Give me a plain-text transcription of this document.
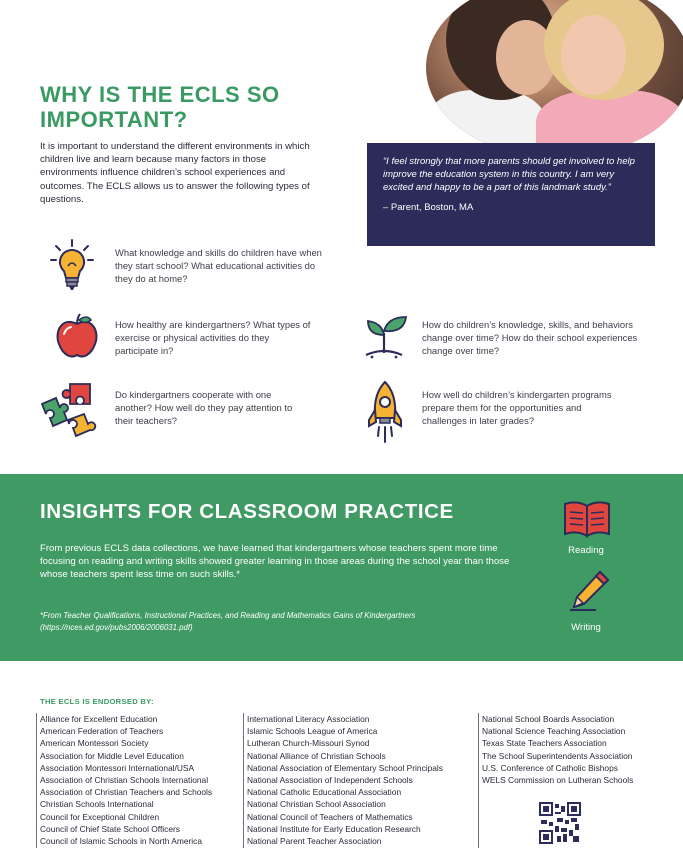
WHY IS THE ECLS SO IMPORTANT?
It is important to understand the different environments in which children live and learn because many factors in those environments influence children’s school experiences and outcomes. The ECLS allows us to answer the following types of questions.
“I feel strongly that more parents should get involved to help improve the education system in this country. I am very excited and happy to be a part of this landmark study.”
– Parent, Boston, MA
What knowledge and skills do children have when they start school? What educational activities do they do at home?
How healthy are kindergartners? What types of exercise or physical activities do they participate in?
How do children’s knowledge, skills, and behaviors change over time? How do their school experiences change over time?
Do kindergartners cooperate with one another? How well do they pay attention to their teachers?
How well do children’s kindergarten programs prepare them for the opportunities and challenges in later grades?
INSIGHTS FOR CLASSROOM PRACTICE
From previous ECLS data collections, we have learned that kindergartners whose teachers spent more time focusing on reading and writing skills showed greater learning in those areas during the school year than those whose teachers spent less time on such skills.*
*From Teacher Qualifications, Instructional Practices, and Reading and Mathematics Gains of Kindergartners (https://nces.ed.gov/pubs2006/2006031.pdf)
Reading
Writing
THE ECLS IS ENDORSED BY:
Alliance for Excellent Education
American Federation of Teachers
American Montessori Society
Association for Middle Level Education
Association Montessori International/USA
Association of Christian Schools International
Association of Christian Teachers and Schools
Christian Schools International
Council for Exceptional Children
Council of Chief State School Officers
Council of Islamic Schools in North America
International Literacy Association
Islamic Schools League of America
Lutheran Church-Missouri Synod
National Alliance of Christian Schools
National Association of Elementary School Principals
National Association of Independent Schools
National Catholic Educational Association
National Christian School Association
National Council of Teachers of Mathematics
National Institute for Early Education Research
National Parent Teacher Association
National School Boards Association
National Science Teaching Association
Texas State Teachers Association
The School Superintendents Association
U.S. Conference of Catholic Bishops
WELS Commission on Lutheran Schools
